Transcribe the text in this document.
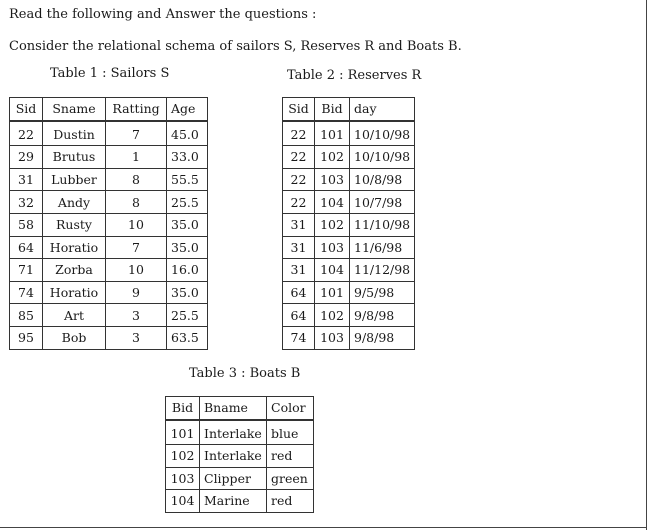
Read the following and Answer the questions :
Consider the relational schema of sailors S, Reserves R and Boats B.
Table 1 : Sailors S	Table 2 : Reserves R
Table 3 : Boats B
Sid	Sname	Ratting	Age
22	Dustin	7	45.0
29	Brutus	1	33.0
31	Lubber	8	55.5
32	Andy	8	25.5
58	Rusty	10	35.0
64	Horatio	7	35.0
71	Zorba	10	16.0
74	Horatio	9	35.0
85	Art	3	25.5
95	Bob	3	63.5
Sid	Bid	day
22	101	10/10/98
22	102	10/10/98
22	103	10/8/98
22	104	10/7/98
31	102	11/10/98
31	103	11/6/98
31	104	11/12/98
64	101	9/5/98
64	102	9/8/98
74	103	9/8/98
Bid	Bname	Color
101	Interlake	blue
102	Interlake	red
103	Clipper	green
104	Marine	red
